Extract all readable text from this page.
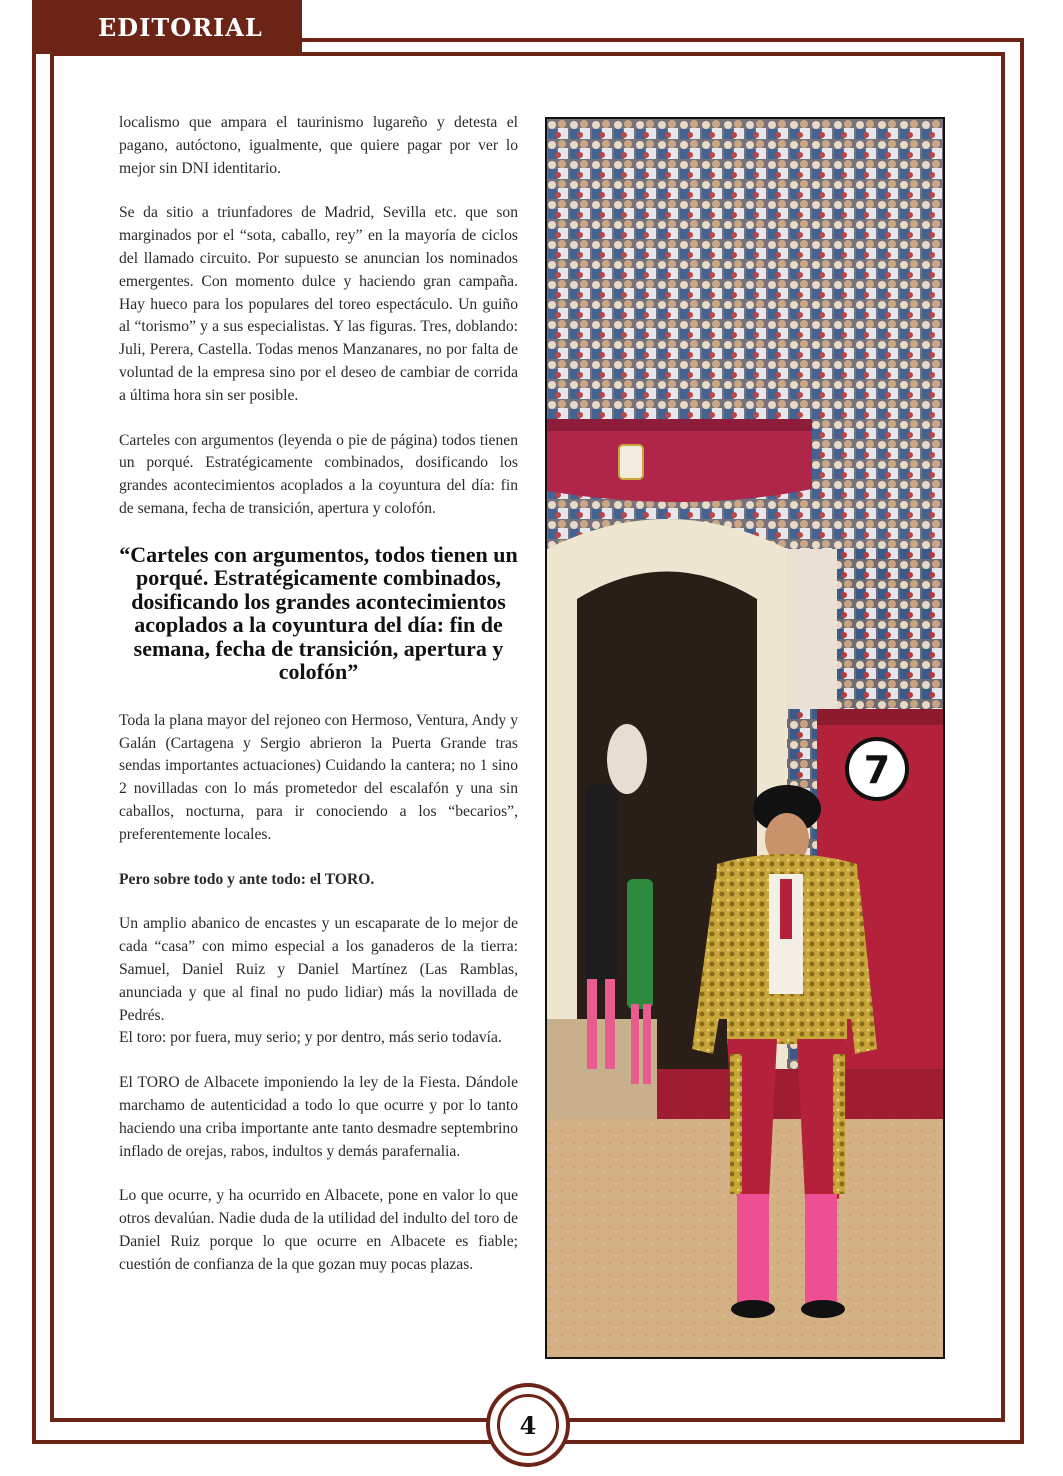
EDITORIAL

localismo que ampara el taurinismo lugareño y detesta el pagano, autóctono, igualmente, que quiere pagar por ver lo mejor sin DNI identitario.

Se da sitio a triunfadores de Madrid, Sevilla etc. que son marginados por el “sota, caballo, rey” en la mayoría de ciclos del llamado circuito. Por supuesto se anuncian los nominados emergentes. Con momento dulce y haciendo gran campaña. Hay hueco para los populares del toreo espectáculo. Un guiño al “torismo” y a sus especialistas. Y las figuras. Tres, doblando: Juli, Perera, Castella. Todas menos Manzanares, no por falta de voluntad de la empresa sino por el deseo de cambiar de corrida a última hora sin ser posible.

Carteles con argumentos (leyenda o pie de página) todos tienen un porqué. Estratégicamente combinados, dosificando los grandes acontecimientos acoplados a la coyuntura del día: fin de semana, fecha de transición, apertura y colofón.

“Carteles con argumentos, todos tienen un porqué. Estratégicamente combinados, dosificando los grandes acontecimientos acoplados a la coyuntura del día: fin de semana, fecha de transición, apertura y colofón”

Toda la plana mayor del rejoneo con Hermoso, Ventura, Andy y Galán (Cartagena y Sergio abrieron la Puerta Grande tras sendas importantes actuaciones) Cuidando la cantera; no 1 sino 2 novilladas con lo más prometedor del escalafón y una sin caballos, nocturna, para ir conociendo a los “becarios”, preferentemente locales.

Pero sobre todo y ante todo: el TORO.

Un amplio abanico de encastes y un escaparate de lo mejor de cada “casa” con mimo especial a los ganaderos de la tierra: Samuel, Daniel Ruiz y Daniel Martínez (Las Ramblas, anunciada y que al final no pudo lidiar) más la novillada de Pedrés.

El toro: por fuera, muy serio; y por dentro, más serio todavía.

El TORO de Albacete imponiendo la ley de la Fiesta. Dándole marchamo de autenticidad a todo lo que ocurre y por lo tanto haciendo una criba importante ante tanto desmadre septembrino inflado de orejas, rabos, indultos y demás parafernalia.

Lo que ocurre, y ha ocurrido en Albacete, pone en valor lo que otros devalúan. Nadie duda de la utilidad del indulto del toro de Daniel Ruiz porque lo que ocurre en Albacete es fiable; cuestión de confianza de la que gozan muy pocas plazas.

7
4
